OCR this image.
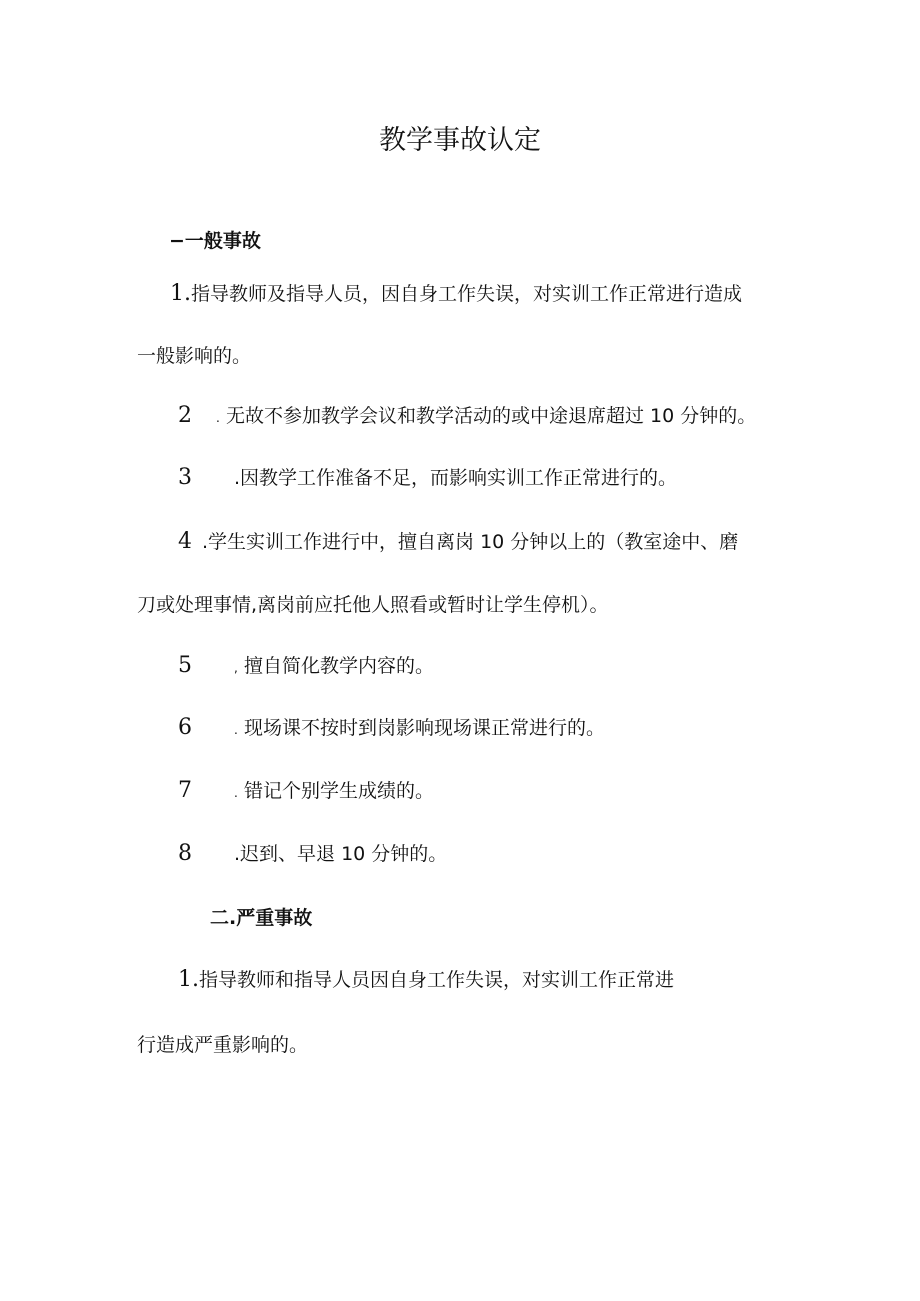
教学事故认定
−一般事故
1.指导教师及指导人员，因自身工作失误，对实训工作正常进行造成
一般影响的。
2 . 无故不参加教学会议和教学活动的或中途退席超过 10 分钟的。
3 .因教学工作准备不足，而影响实训工作正常进行的。
4 .学生实训工作进行中，擅自离岗 10 分钟以上的（教室途中、磨
刀或处理事情,离岗前应托他人照看或暂时让学生停机）。
5	, 擅自简化教学内容的。
6	. 现场课不按时到岗影响现场课正常进行的。
7	. 错记个别学生成绩的。
8 .迟到、早退 10 分钟的。
二.严重事故
1.指导教师和指导人员因自身工作失误，对实训工作正常进
行造成严重影响的。
